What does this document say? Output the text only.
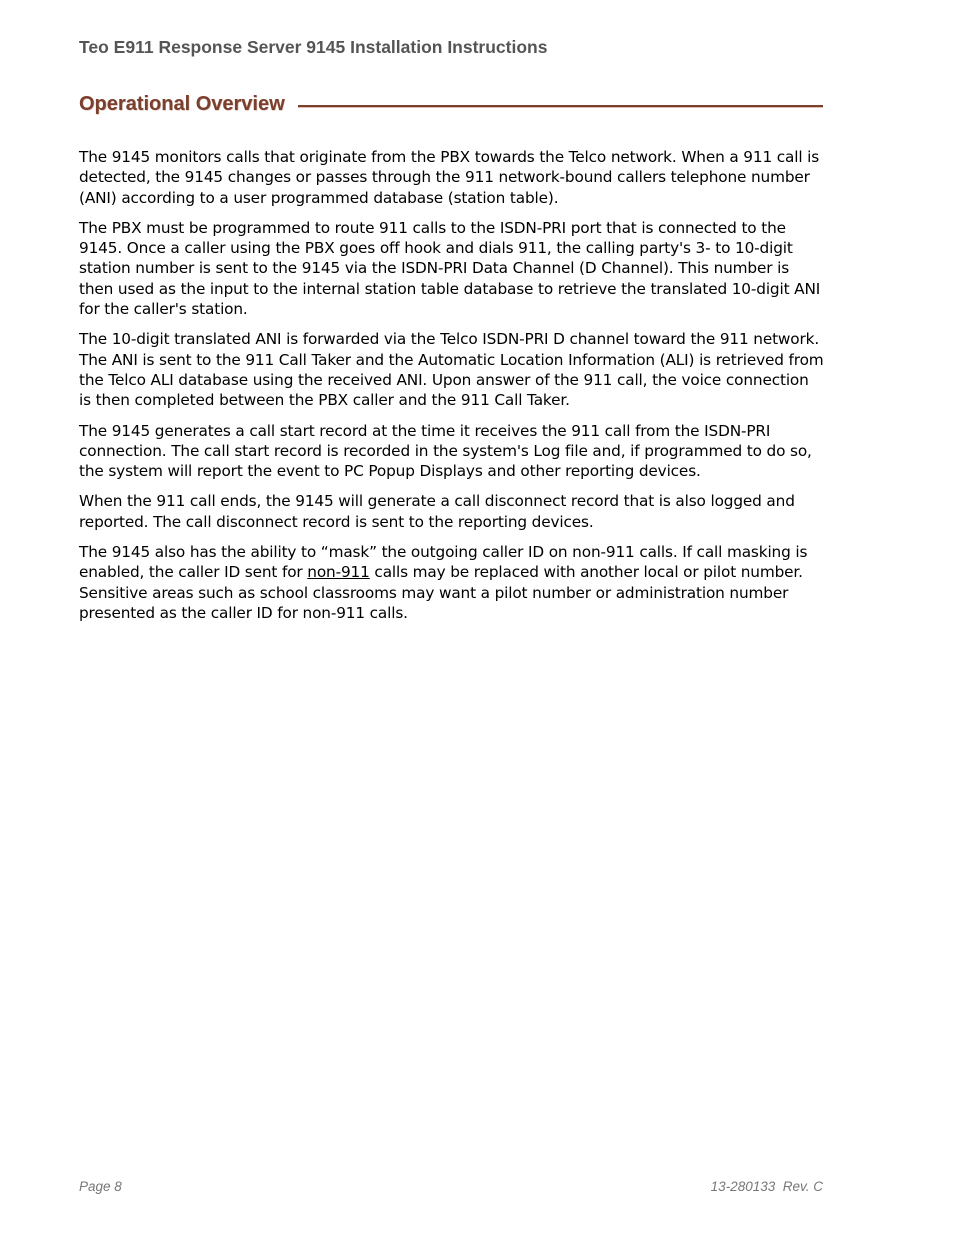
Teo E911 Response Server 9145 Installation Instructions
Operational Overview

The 9145 monitors calls that originate from the PBX towards the Telco network. When a 911 call is detected, the 9145 changes or passes through the 911 network-bound callers telephone number (ANI) according to a user programmed database (station table).

The PBX must be programmed to route 911 calls to the ISDN-PRI port that is connected to the 9145. Once a caller using the PBX goes off hook and dials 911, the calling party's 3- to 10-digit station number is sent to the 9145 via the ISDN-PRI Data Channel (D Channel). This number is then used as the input to the internal station table database to retrieve the translated 10-digit ANI for the caller's station.

The 10-digit translated ANI is forwarded via the Telco ISDN-PRI D channel toward the 911 network. The ANI is sent to the 911 Call Taker and the Automatic Location Information (ALI) is retrieved from the Telco ALI database using the received ANI. Upon answer of the 911 call, the voice connection is then completed between the PBX caller and the 911 Call Taker.

The 9145 generates a call start record at the time it receives the 911 call from the ISDN-PRI connection. The call start record is recorded in the system's Log file and, if programmed to do so, the system will report the event to PC Popup Displays and other reporting devices.

When the 911 call ends, the 9145 will generate a call disconnect record that is also logged and reported. The call disconnect record is sent to the reporting devices.

The 9145 also has the ability to “mask” the outgoing caller ID on non-911 calls. If call masking is enabled, the caller ID sent for non-911 calls may be replaced with another local or pilot number. Sensitive areas such as school classrooms may want a pilot number or administration number presented as the caller ID for non-911 calls.

Page 8	13-280133  Rev. C
